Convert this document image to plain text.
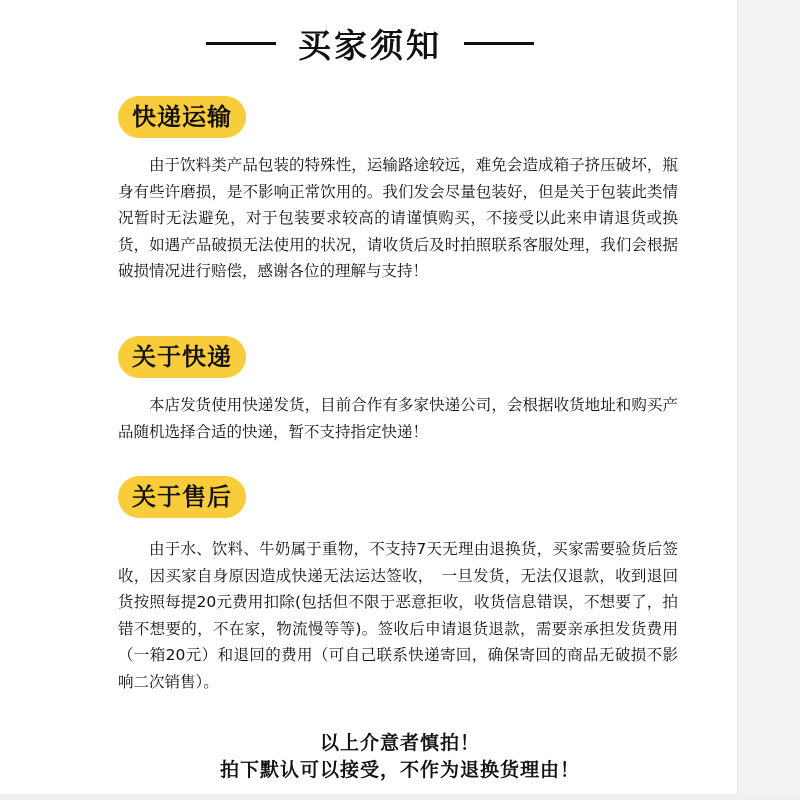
买家须知
快递运输

由于饮料类产品包装的特殊性，运输路途较远，难免会造成箱子挤压破坏，瓶身有些许磨损，是不影响正常饮用的。我们发会尽量包装好，但是关于包装此类情况暂时无法避免，对于包装要求较高的请谨慎购买，不接受以此来申请退货或换货，如遇产品破损无法使用的状况，请收货后及时拍照联系客服处理，我们会根据破损情况进行赔偿，感谢各位的理解与支持！

关于快递

本店发货使用快递发货，目前合作有多家快递公司，会根据收货地址和购买产品随机选择合适的快递，暂不支持指定快递！

关于售后

由于水、饮料、牛奶属于重物，不支持7天无理由退换货，买家需要验货后签收，因买家自身原因造成快递无法运达签收，　一旦发货，无法仅退款，收到退回货按照每提20元费用扣除(包括但不限于恶意拒收，收货信息错误，不想要了，拍错不想要的，不在家，物流慢等等)。签收后申请退货退款，需要亲承担发货费用（一箱20元）和退回的费用（可自己联系快递寄回，确保寄回的商品无破损不影响二次销售）。

以上介意者慎拍！
拍下默认可以接受，不作为退换货理由！
